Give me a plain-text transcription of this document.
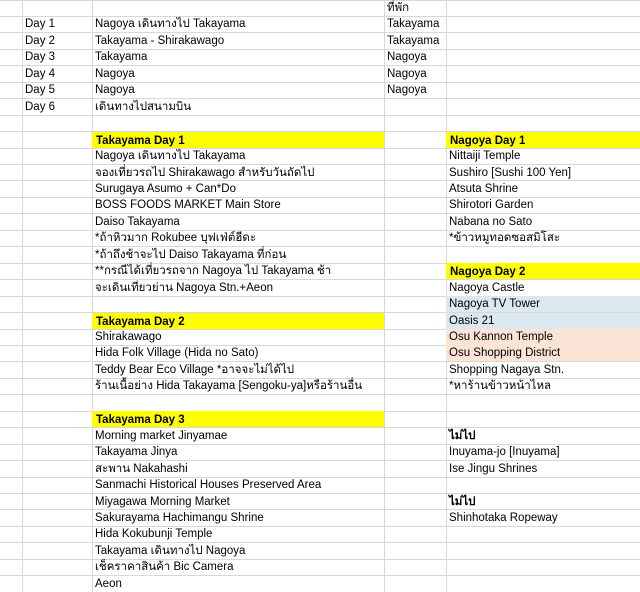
ที่พัก
Day 1	Nagoya เดินทางไป Takayama	Takayama
Day 2	Takayama - Shirakawago	Takayama
Day 3	Takayama	Nagoya
Day 4	Nagoya	Nagoya
Day 5	Nagoya	Nagoya
Day 6	เดินทางไปสนามบิน
Takayama Day 1
Nagoya เดินทางไป Takayama
จองเที่ยวรถไป Shirakawago สำหรับวันถัดไป
Surugaya Asumo + Can*Do
BOSS FOODS MARKET Main Store
Daiso Takayama
*ถ้าหิวมาก Rokubee บุฟเฟ่ต์ฮีดะ
*ถ้าถึงช้าจะไป Daiso Takayama ที่ก่อน
**กรณีได้เที่ยวรถจาก Nagoya ไป Takayama ช้า
จะเดินเที่ยวย่าน Nagoya Stn.+Aeon
Takayama Day 2
Shirakawago
Hida Folk Village (Hida no Sato)
Teddy Bear Eco Village *อาจจะไม่ได้ไป
ร้านเนื้อย่าง Hida Takayama [Sengoku-ya]หรือร้านอื่น
Takayama Day 3
Morning market Jinyamae
Takayama Jinya
สะพาน Nakahashi
Sanmachi Historical Houses Preserved Area
Miyagawa Morning Market
Sakurayama Hachimangu Shrine
Hida Kokubunji Temple
Takayama เดินทางไป Nagoya
เช็คราคาสินค้า Bic Camera
Aeon
Nagoya Day 1
Nittaiji Temple
Sushiro [Sushi 100 Yen]
Atsuta Shrine
Shirotori Garden
Nabana no Sato
*ข้าวหมูทอดซอสมิโสะ
Nagoya Day 2
Nagoya Castle
Nagoya TV Tower
Oasis 21
Osu Kannon Temple
Osu Shopping District
Shopping Nagaya Stn.
*หาร้านข้าวหน้าไหล
ไม่ไป
Inuyama-jo [Inuyama]
Ise Jingu Shrines
ไม่ไป
Shinhotaka Ropeway
